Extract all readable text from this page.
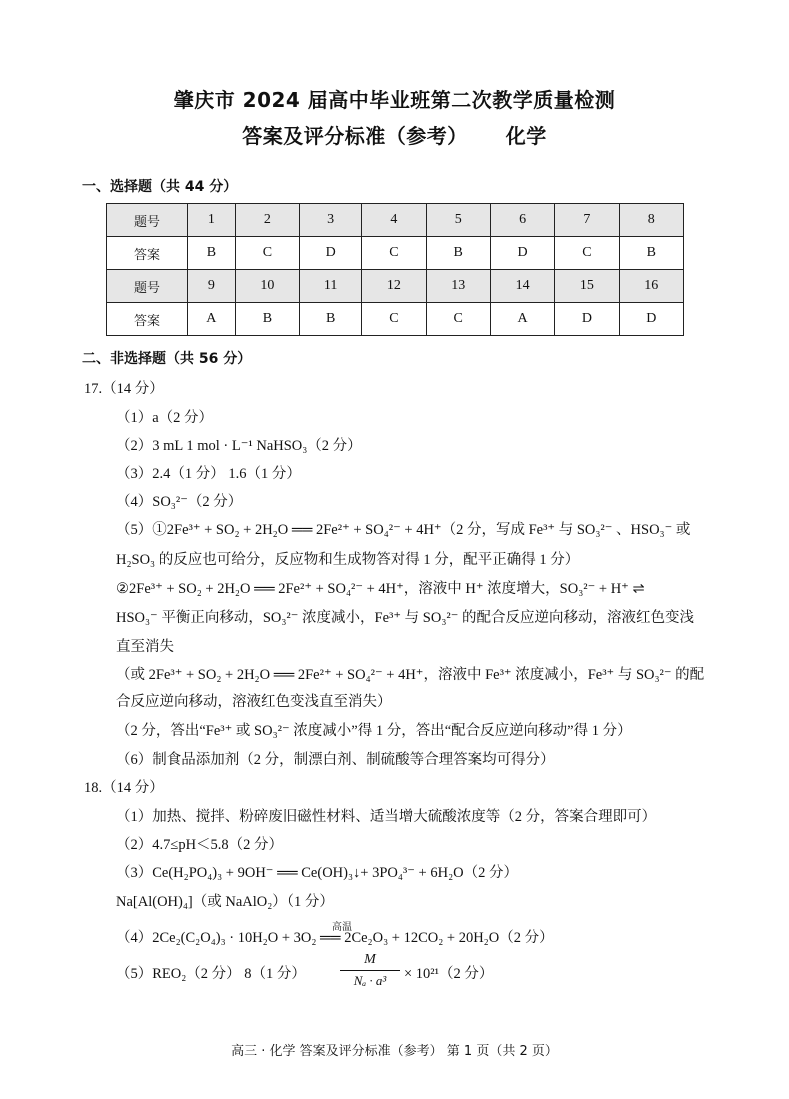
肇庆市 2024 届高中毕业班第二次教学质量检测
答案及评分标准（参考） 化学
一、选择题（共 44 分）
题号	1	2	3	4	5	6	7	8
答案	B	C	D	C	B	D	C	B
题号	9	10	11	12	13	14	15	16
答案	A	B	B	C	C	A	D	D
二、非选择题（共 56 分）
17.（14 分）
（1）a（2 分）
（2）3 mL 1 mol · L⁻¹ NaHSO₃（2 分）
（3）2.4（1 分） 1.6（1 分）
（4）SO₃²⁻（2 分）
（5）①2Fe³⁺ + SO₂ + 2H₂O ══ 2Fe²⁺ + SO₄²⁻ + 4H⁺（2 分，写成 Fe³⁺ 与 SO₃²⁻ 、HSO₃⁻ 或
H₂SO₃ 的反应也可给分，反应物和生成物答对得 1 分，配平正确得 1 分）
②2Fe³⁺ + SO₂ + 2H₂O ══ 2Fe²⁺ + SO₄²⁻ + 4H⁺，溶液中 H⁺ 浓度增大，SO₃²⁻ + H⁺ ⇌
HSO₃⁻ 平衡正向移动，SO₃²⁻ 浓度减小，Fe³⁺ 与 SO₃²⁻ 的配合反应逆向移动，溶液红色变浅
直至消失
（或 2Fe³⁺ + SO₂ + 2H₂O ══ 2Fe²⁺ + SO₄²⁻ + 4H⁺，溶液中 Fe³⁺ 浓度减小，Fe³⁺ 与 SO₃²⁻ 的配
合反应逆向移动，溶液红色变浅直至消失）
（2 分，答出“Fe³⁺ 或 SO₃²⁻ 浓度减小”得 1 分，答出“配合反应逆向移动”得 1 分）
（6）制食品添加剂（2 分，制漂白剂、制硫酸等合理答案均可得分）
18.（14 分）
（1）加热、搅拌、粉碎废旧磁性材料、适当增大硫酸浓度等（2 分，答案合理即可）
（2）4.7≤pH＜5.8（2 分）
（3）Ce(H₂PO₄)₃ + 9OH⁻ ══ Ce(OH)₃↓+ 3PO₄³⁻ + 6H₂O（2 分）
Na[Al(OH)₄]（或 NaAlO₂）（1 分）
高温
（4）2Ce₂(C₂O₄)₃ · 10H₂O + 3O₂ ══ 2Ce₂O₃ + 12CO₂ + 20H₂O（2 分）
（5）REO₂（2 分） 8（1 分）
M
Nₐ · a³	× 10²¹（2 分）
高三 · 化学 答案及评分标准（参考） 第 1 页（共 2 页）
